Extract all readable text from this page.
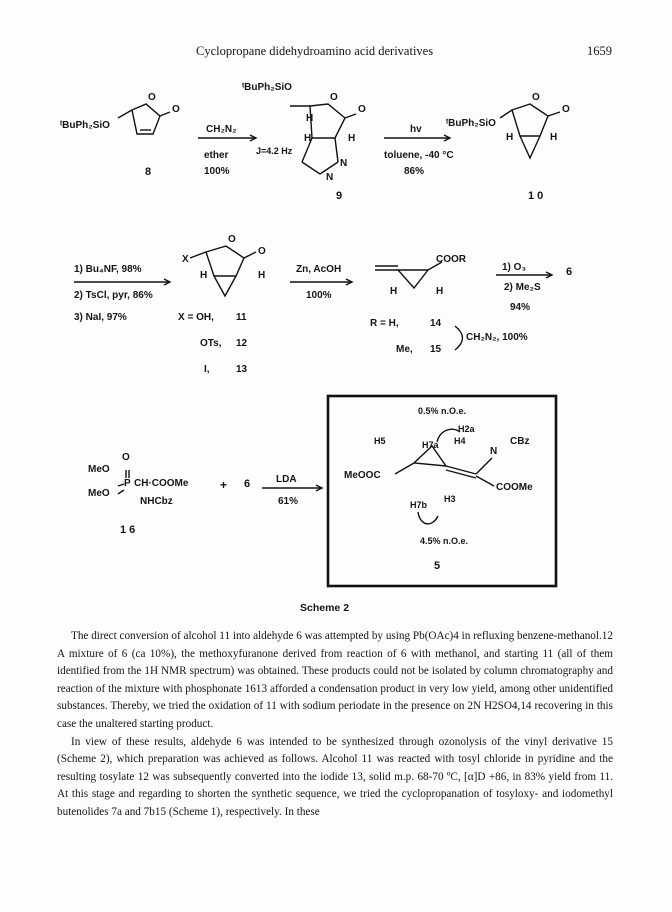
Cyclopropane didehydroamino acid derivatives	1659
ᵗBuPh₂SiO
O
O
8
CH₂N₂
ether
100%
ᵗBuPh₂SiO
H
H	H
O
O
N
N
J=4.2 Hz
9
hv
toluene, -40 °C
86%
ᵗBuPh₂SiO
O
O
H	H
1 0
1) Bu₄NF, 98%
2) TsCl, pyr, 86%
3) NaI, 97%
X
O
O
H	H
X = OH, 11
OTs, 12
I,	13
Zn, AcOH
100%
COOR
H	H
R = H,	14
Me, 15
CH₂N₂, 100%
1) O₃
2) Me₂S
94%
6
MeO
O
MeO
P CH·COOMe
NHCbz
1 6
+ 6	LDA
61%
0.5% n.O.e.
H2a
H5	H7a H4
N
CBz
MeOOC
COOMe
H7b
H3
4.5% n.O.e.
5
Scheme 2

The direct conversion of alcohol 11 into aldehyde 6 was attempted by using Pb(OAc)4 in refluxing benzene-methanol.12 A mixture of 6 (ca 10%), the methoxyfuranone derived from reaction of 6 with methanol, and starting 11 (all of them identified from the 1H NMR spectrum) was obtained. These products could not be isolated by column chromatography and reaction of the mixture with phosphonate 1613 afforded a condensation product in very low yield, among other unidentified substances. Thereby, we tried the oxidation of 11 with sodium periodate in the presence on 2N H2SO4,14 recovering in this case the unaltered starting product.

In view of these results, aldehyde 6 was intended to be synthesized through ozonolysis of the vinyl derivative 15 (Scheme 2), which preparation was achieved as follows. Alcohol 11 was reacted with tosyl chloride in pyridine and the resulting tosylate 12 was subsequently converted into the iodide 13, solid m.p. 68-70 ºC, [α]D +86, in 83% yield from 11. At this stage and regarding to shorten the synthetic sequence, we tried the cyclopropanation of tosyloxy- and iodomethyl butenolides 7a and 7b15 (Scheme 1), respectively. In these
